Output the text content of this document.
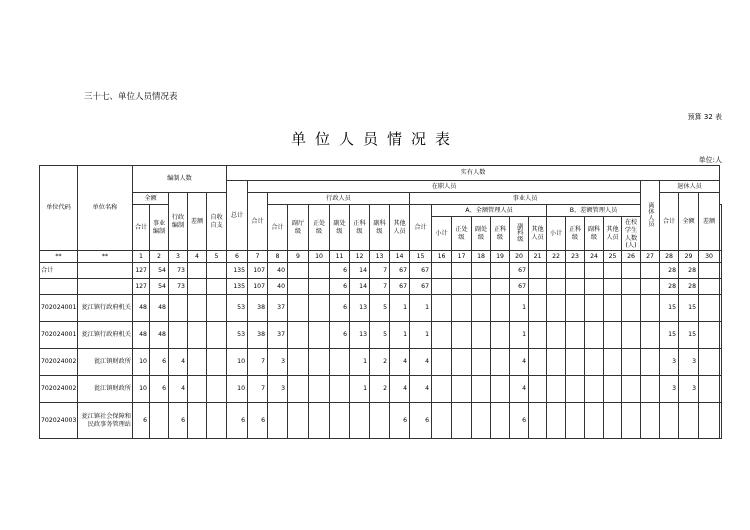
三十七、单位人员情况表
预算 32 表
单位人员情况表
单位:人
单位代码	单位名称	编制人数					实有人数																									
							总计	在职人员																				离休人员	退休人员			
		全额		行政编制	差额	自收自支		合计	行政人员							事业人员													合计	全额	差额	
		合计	事业编制						合计	副厅级	正处级	副处级	正科级	副科级	其他人员	合计	A、全额管理人员						B、差额管理人员	
																	小计	正处级	副处级	正科级	副科级	其他人员	小计	正科级	副科级	其他人员	在校学生人数(人)					
**	**	1	2	3	4	5	6	7	8	9	10	11	12	13	14	15	16	17	18	19	20	21	22	23	24	25	26	27	28	29	30	
合计		127	54	73			135	107	40			6	14	7	67	67					67								28	28		
		127	54	73			135	107	40			6	14	7	67	67					67								28	28		
702024001	瓮江镇行政府机关	48	48				53	38	37			6	13	5	1	1					1								15	15		
702024001	瓮江镇行政府机关	48	48				53	38	37			6	13	5	1	1					1								15	15		
702024002	瓮江镇财政所	10	6	4			10	7	3				1	2	4	4					4								3	3		
702024002	瓮江镇财政所	10	6	4			10	7	3				1	2	4	4					4								3	3		
702024003	瓮江镇社会保障和民政事务管理站	6		6			6	6							6	6					6											
